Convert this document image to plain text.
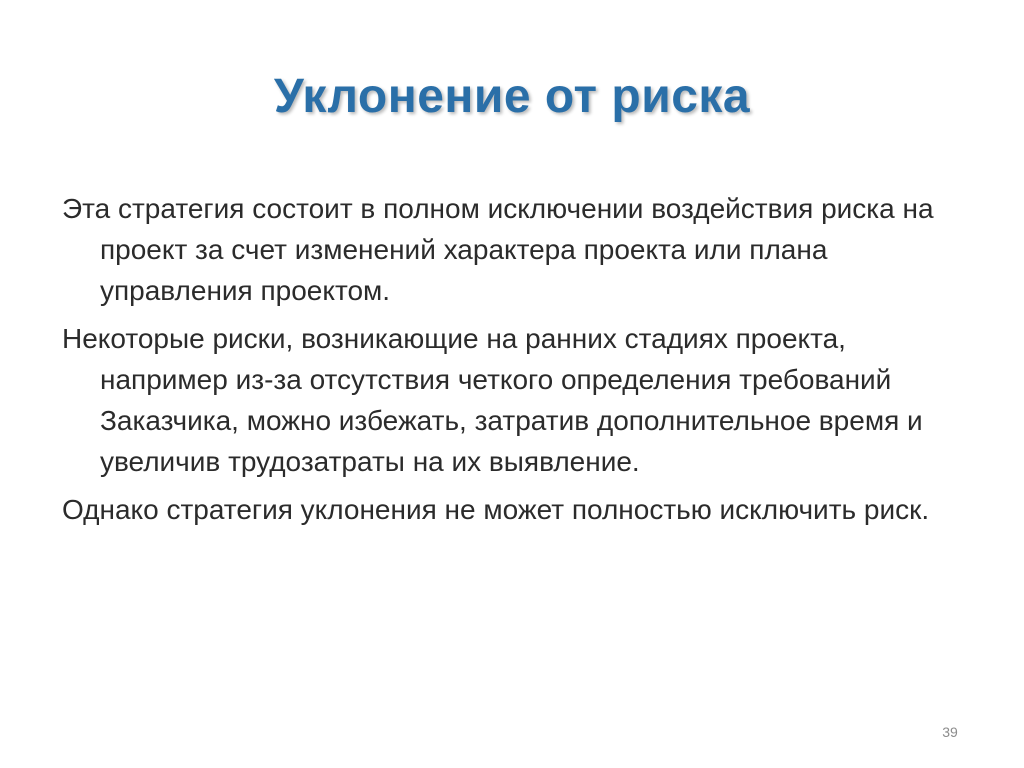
Уклонение от риска

Эта стратегия состоит в полном исключении воздействия риска на проект за счет изменений характера проекта или плана управления проектом.

Некоторые риски, возникающие на ранних стадиях проекта, например из-за отсутствия четкого определения требований Заказчика, можно избежать, затратив дополнительное время и увеличив трудозатраты на их выявление.

Однако стратегия уклонения не может полностью исключить риск.

39
